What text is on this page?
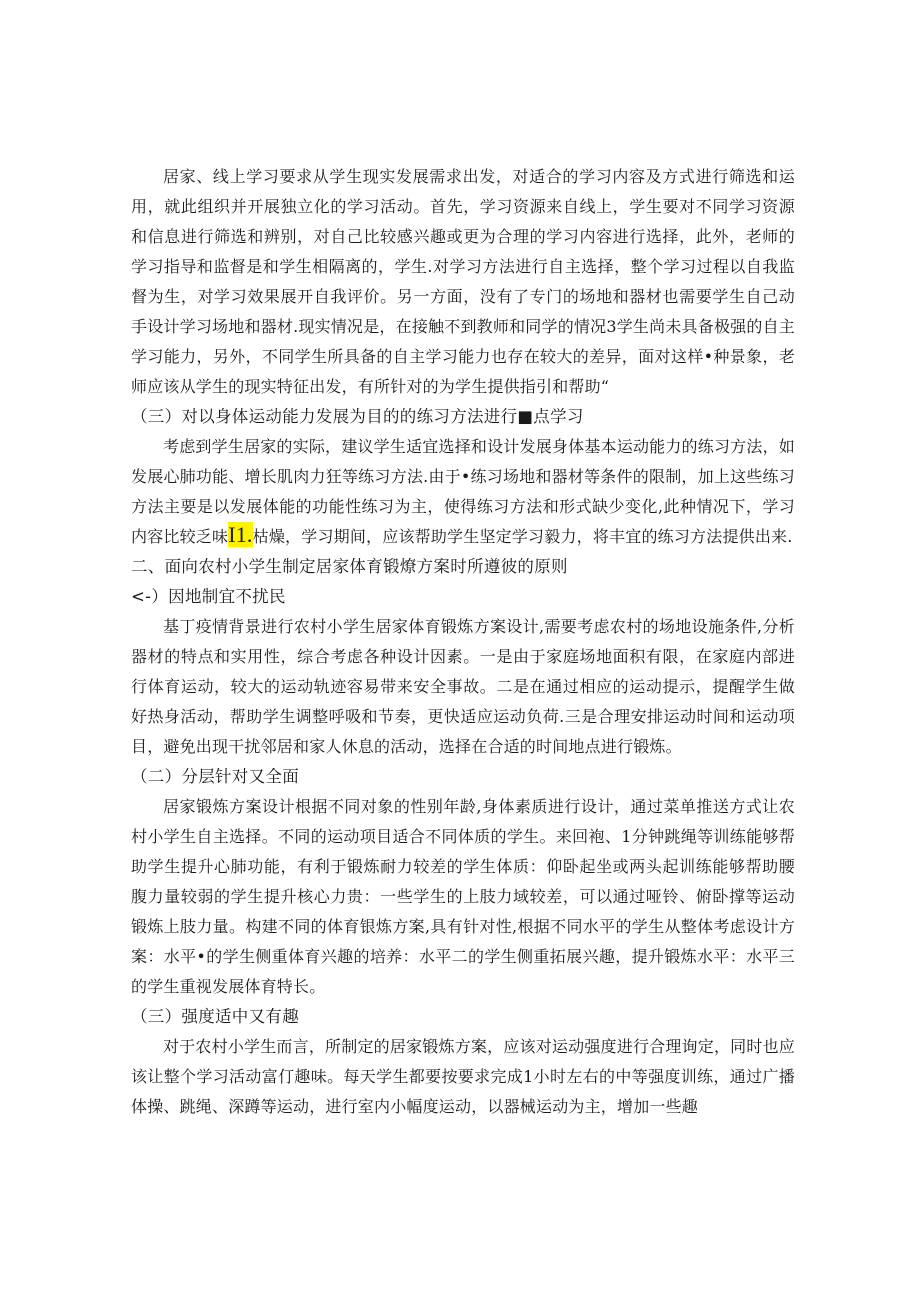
居家、线上学习要求从学生现实发展需求出发，对适合的学习内容及方式进行筛选和运用，就此组织并开展独立化的学习活动。首先，学习资源来自线上，学生要对不同学习资源和信息进行筛选和辨别，对自己比较感兴趣或更为合理的学习内容进行选择，此外，老师的学习指导和监督是和学生相隔离的，学生.对学习方法进行自主选择，整个学习过程以自我监督为生，对学习效果展开自我评价。另一方面，没有了专门的场地和器材也需要学生自己动手设计学习场地和器材.现实情况是，在接触不到教师和同学的情况3学生尚未具备极强的自主学习能力，另外，不同学生所具备的自主学习能力也存在较大的差异，面对这样•种景象，老师应该从学生的现实特征出发，有所针对的为学生提供指引和帮助“

（三）对以身体运动能力发展为目的的练习方法进行■点学习

考虑到学生居家的实际，建议学生适宜选择和设计发展身体基本运动能力的练习方法，如发展心肺功能、增长肌肉力狂等练习方法.由于•练习场地和器材等条件的限制，加上这些练习方法主要是以发展体能的功能性练习为主，使得练习方法和形式缺少变化,此种情况下，学习内容比较乏味I1.枯燥，学习期间，应该帮助学生坚定学习毅力，将丰宜的练习方法提供出来.

二、面向农村小学生制定居家体育锻燎方案时所遵彼的原则
<-）因地制宜不扰民

基丁疫情背景进行农村小学生居家体育锻炼方案设计,需要考虑农村的场地设施条件,分析器材的特点和实用性，综合考虑各种设计因素。一是由于家庭场地面积有限，在家庭内部进行体育运动，较大的运动轨迹容易带来安全事故。二是在通过相应的运动提示，提醒学生做好热身活动，帮助学生调整呼吸和节奏，更快适应运动负荷.三是合理安排运动时间和运动项目，避免出现干扰邻居和家人休息的活动，选择在合适的时间地点进行锻炼。

（二）分层针对又全面

居家锻炼方案设计根据不同对象的性别年龄,身体素质进行设计，通过菜单推送方式让农村小学生自主选择。不同的运动项目适合不同体质的学生。来回袍、1分钟跳绳等训练能够帮助学生提升心肺功能，有利于锻炼耐力较差的学生体质：仰卧起坐或两头起训练能够帮助腰腹力量较弱的学生提升核心力贵：一些学生的上肢力域较差，可以通过哑铃、俯卧撑等运动锻炼上肢力量。构建不同的体育银炼方案,具有针对性,根据不同水平的学生从整体考虑设计方案：水平•的学生侧重体育兴趣的培养：水平二的学生侧重拓展兴趣，提升锻炼水平：水平三的学生重视发展体育特长。

（三）强度适中又有趣

对于农村小学生而言，所制定的居家锻炼方案，应该对运动强度进行合理询定，同时也应该让整个学习活动富仃趣味。每天学生都要按要求完成1小时左右的中等强度训练，通过广播体操、跳绳、深蹲等运动，进行室内小幅度运动，以器械运动为主，增加一些趣
